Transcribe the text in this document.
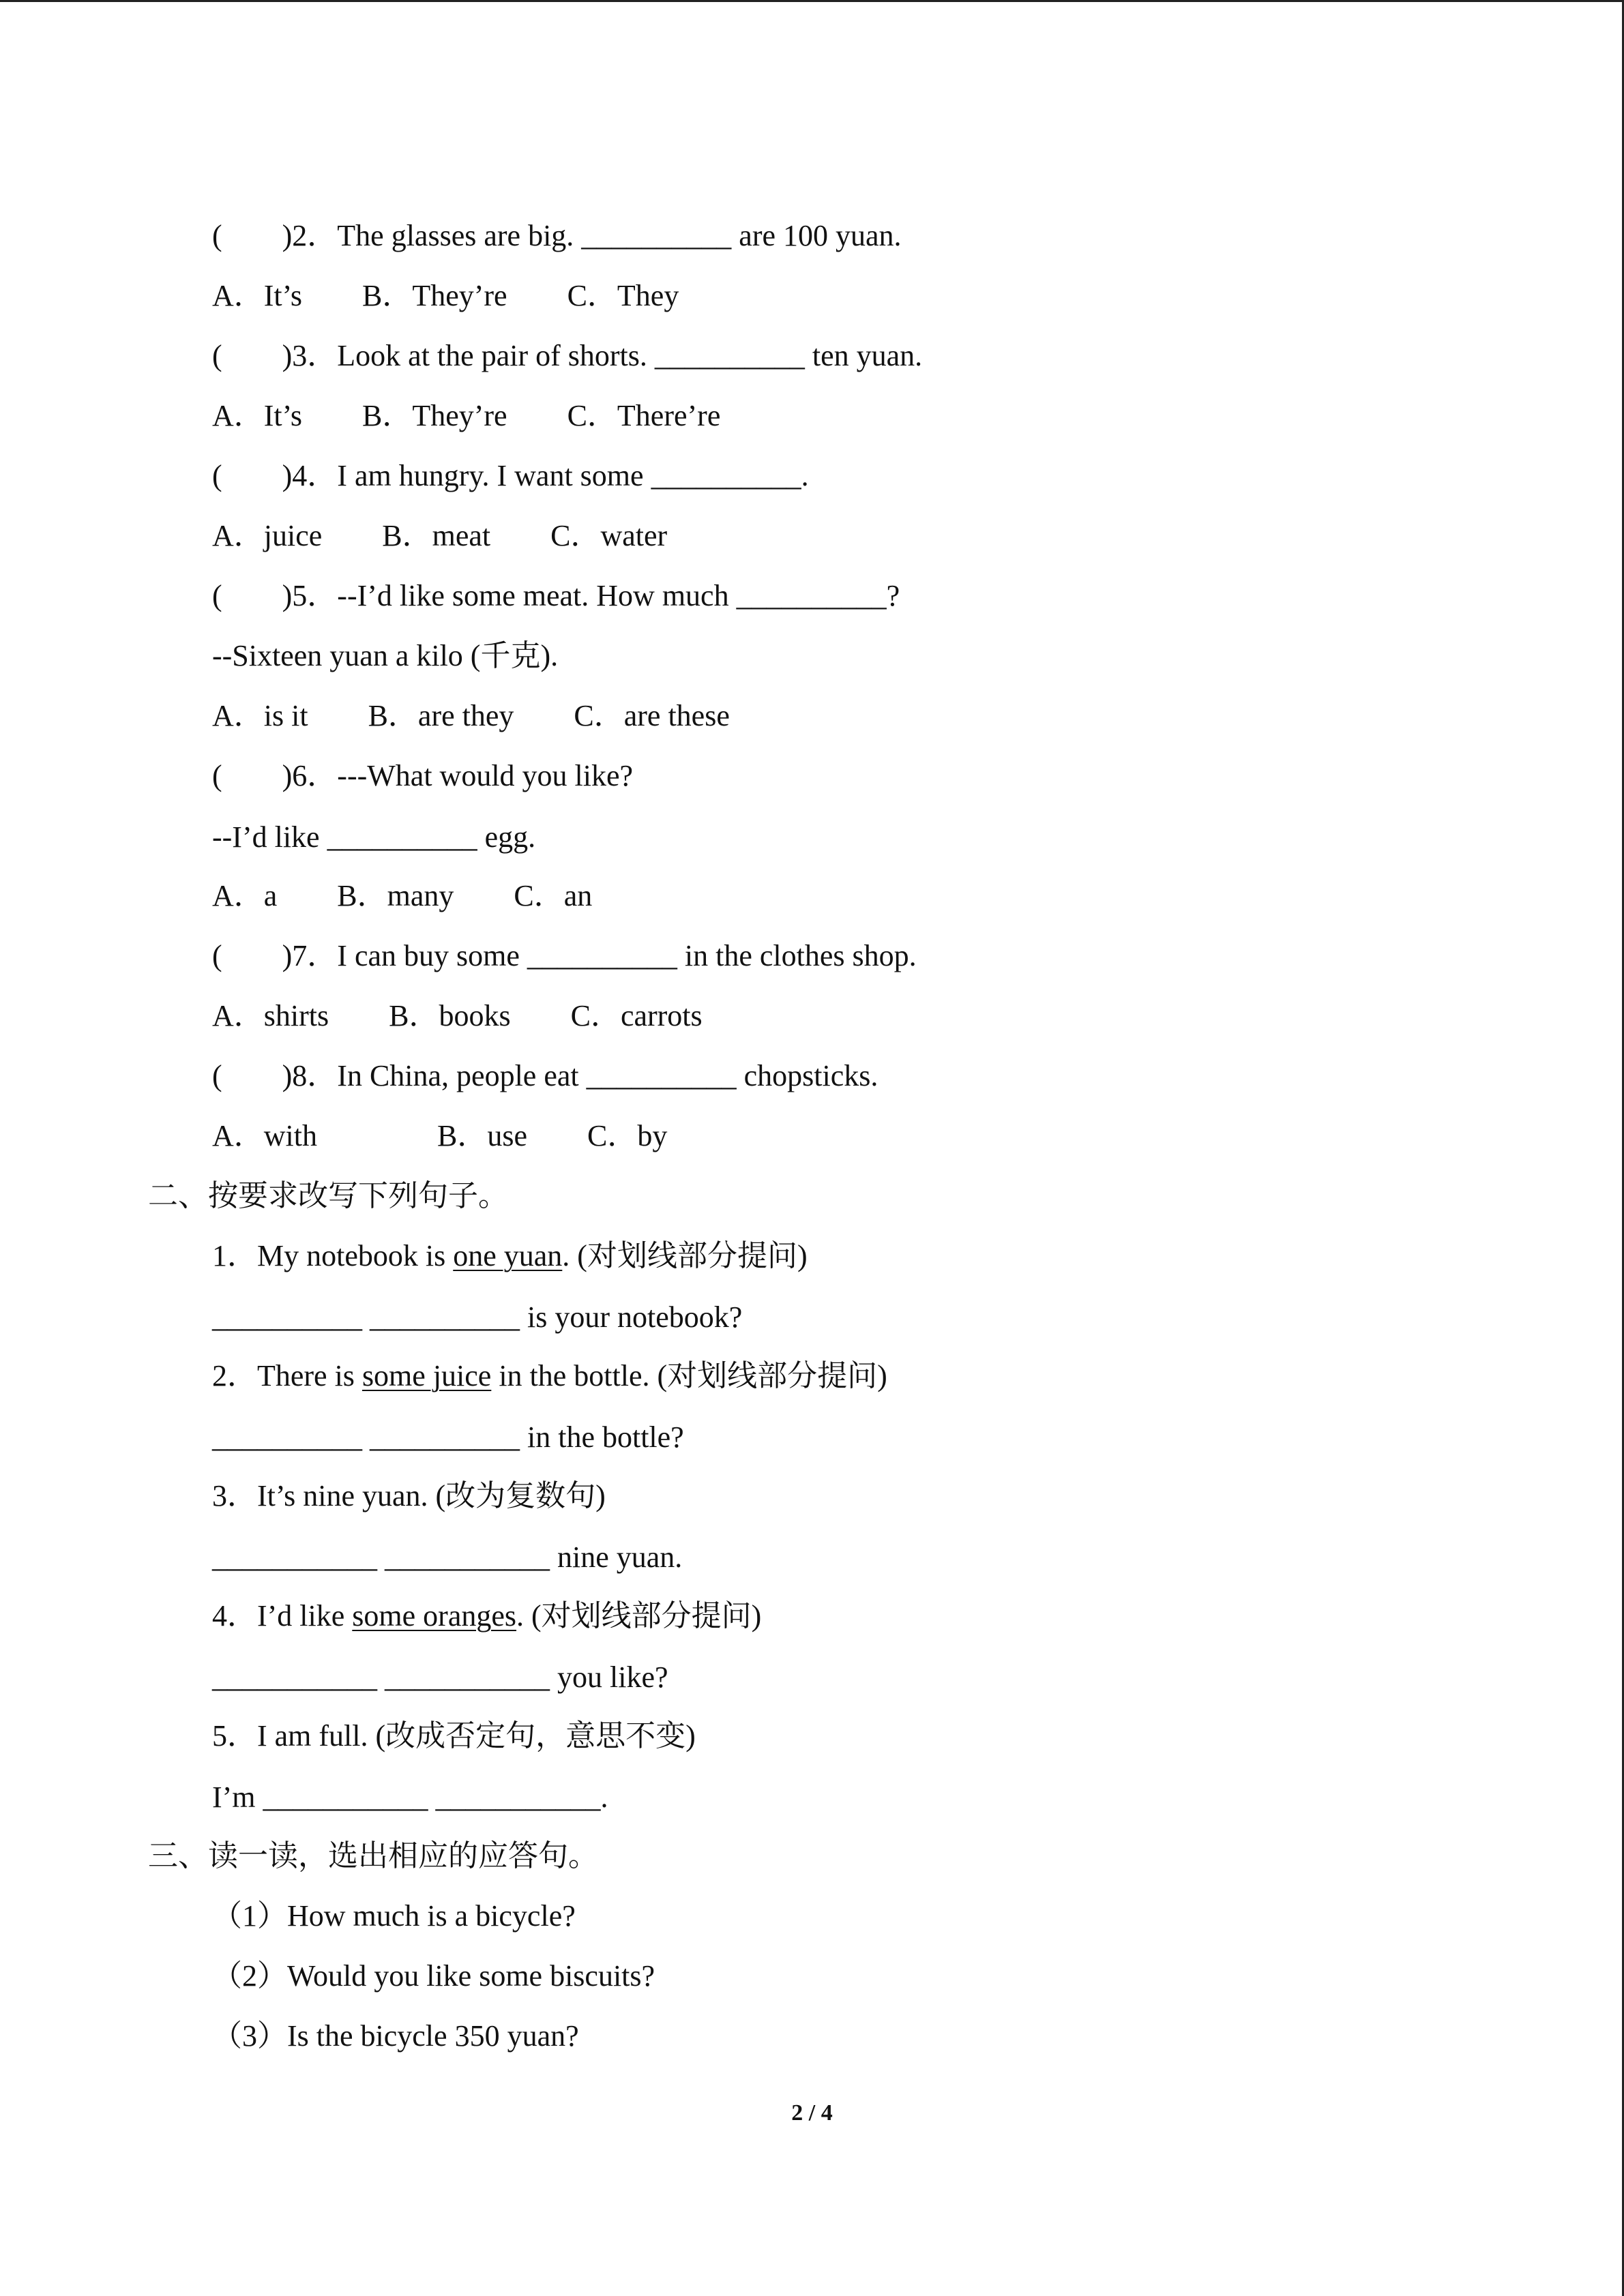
(　　)2．The glasses are big. __________ are 100 yuan.
A．It’s　　B．They’re　　C．They
(　　)3．Look at the pair of shorts. __________ ten yuan.
A．It’s　　B．They’re　　C．There’re
(　　)4．I am hungry. I want some __________.
A．juice　　B．meat　　C．water
(　　)5．--I’d like some meat. How much __________?
--Sixteen yuan a kilo (千克).
A．is it　　B．are they　　C．are these
(　　)6．---What would you like?
--I’d like __________ egg.
A．a　　B．many　　C．an
(　　)7．I can buy some __________ in the clothes shop.
A．shirts　　B．books　　C．carrots
(　　)8．In China, people eat __________ chopsticks.
A．with　　　　B．use　　C．by
二、按要求改写下列句子。
1．My notebook is one yuan. (对划线部分提问)
__________ __________ is your notebook?
2．There is some juice in the bottle. (对划线部分提问)
__________ __________ in the bottle?
3．It’s nine yuan. (改为复数句)
___________ ___________ nine yuan.
4．I’d like some oranges. (对划线部分提问)
___________ ___________ you like?
5．I am full. (改成否定句，意思不变)
I’m ___________ ___________.
三、读一读，选出相应的应答句。
（1）How much is a bicycle?
（2）Would you like some biscuits?
（3）Is the bicycle 350 yuan?
2 / 4
